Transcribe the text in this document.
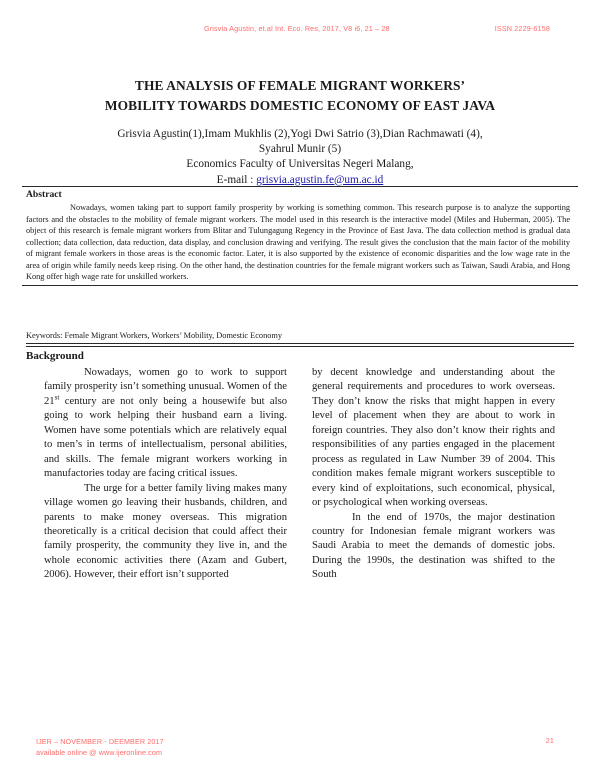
Grisvia Agustin, et.al Int. Eco. Res, 2017, V8 i6, 21 – 28	ISSN 2229-6158
THE ANALYSIS OF FEMALE MIGRANT WORKERS’
MOBILITY TOWARDS DOMESTIC ECONOMY OF EAST JAVA
Grisvia Agustin(1),Imam Mukhlis (2),Yogi Dwi Satrio (3),Dian Rachmawati (4),
Syahrul Munir (5)
Economics Faculty of Universitas Negeri Malang,
E-mail : grisvia.agustin.fe@um.ac.id
Abstract
Nowadays, women taking part to support family prosperity by working is something common. This research purpose is to analyze the supporting factors and the obstacles to the mobility of female migrant workers. The model used in this research is the interactive model (Miles and Huberman, 2005). The object of this research is female migrant workers from Blitar and Tulungagung Regency in the Province of East Java. The data collection method is gradual data collection; data collection, data reduction, data display, and conclusion drawing and verifying. The result gives the conclusion that the main factor of the mobility of migrant female workers in those areas is the economic factor. Later, it is also supported by the existence of economic disparities and the low wage rate in the area of origin while family needs keep rising. On the other hand, the destination countries for the female migrant workers such as Taiwan, Saudi Arabia, and Hong Kong offer high wage rate for unskilled workers.
Keywords: Female Migrant Workers, Workers’ Mobility, Domestic Economy
Background

Nowadays, women go to work to support family prosperity isn’t something unusual. Women of the 21st century are not only being a housewife but also going to work helping their husband earn a living. Women have some potentials which are relatively equal to men’s in terms of intellectualism, personal abilities, and skills. The female migrant workers working in manufactories today are facing critical issues.

The urge for a better family living makes many village women go leaving their husbands, children, and parents to make money overseas. This migration theoretically is a critical decision that could affect their family prosperity, the community they live in, and the whole economic activities there (Azam and Gubert, 2006). However, their effort isn’t supported

by decent knowledge and understanding about the general requirements and procedures to work overseas. They don’t know the risks that might happen in every level of placement when they are about to work in foreign countries. They also don’t know their rights and responsibilities of any parties engaged in the placement process as regulated in Law Number 39 of 2004. This condition makes female migrant workers susceptible to every kind of exploitations, such economical, physical, or psychological when working overseas.

In the end of 1970s, the major destination country for Indonesian female migrant workers was Saudi Arabia to meet the demands of domestic jobs. During the 1990s, the destination was shifted to the South

IJER – NOVEMBER - DEEMBER 2017
available online @ www.ijeronline.com
21
